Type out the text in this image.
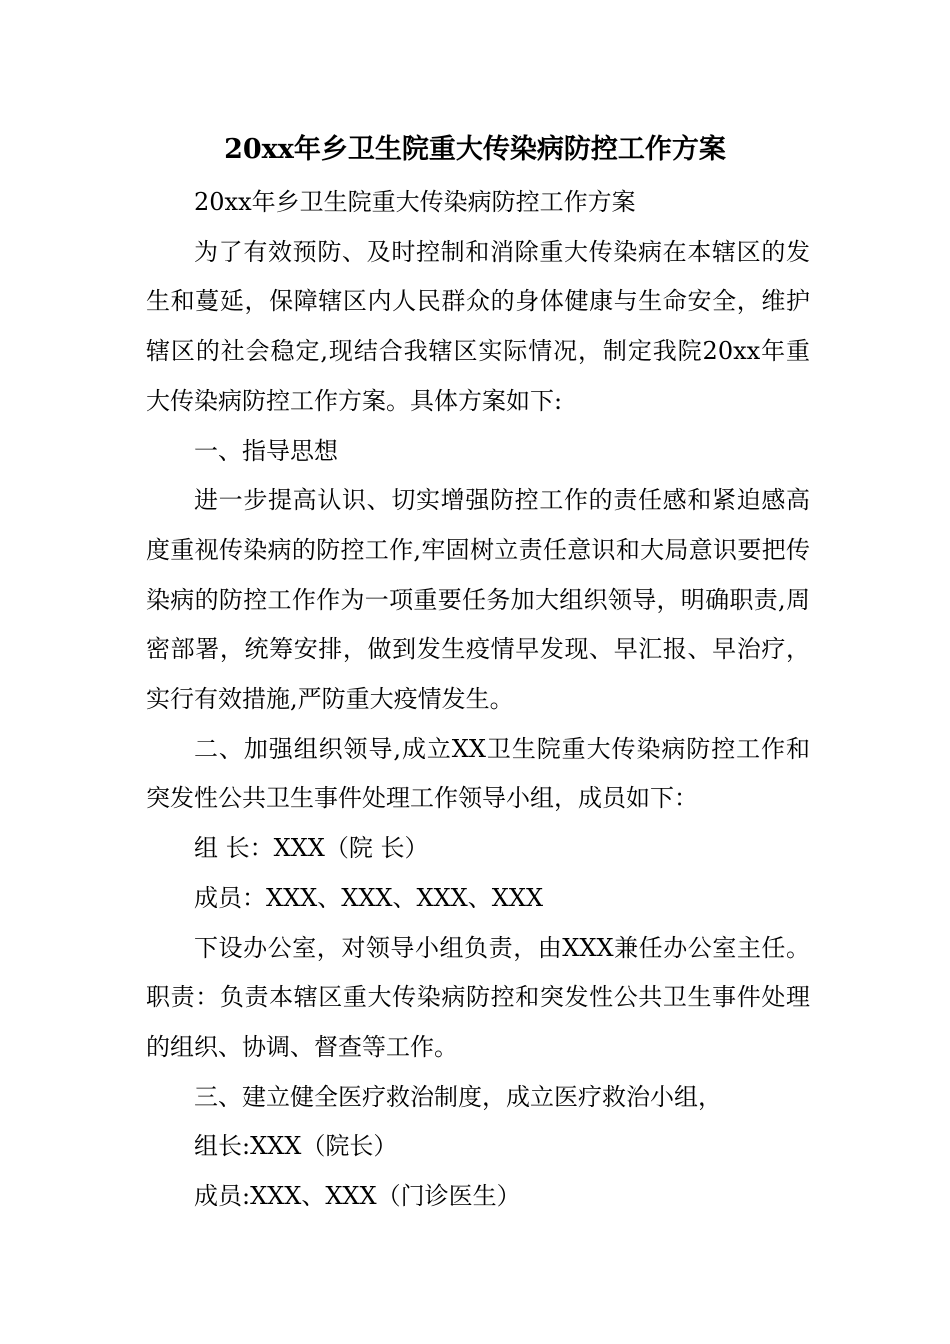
20xx年乡卫生院重大传染病防控工作方案

20xx年乡卫生院重大传染病防控工作方案

为了有效预防、及时控制和消除重大传染病在本辖区的发生和蔓延，保障辖区内人民群众的身体健康与生命安全，维护辖区的社会稳定,现结合我辖区实际情况，制定我院20xx年重大传染病防控工作方案。具体方案如下:

一、指导思想

进一步提高认识、切实增强防控工作的责任感和紧迫感高度重视传染病的防控工作,牢固树立责任意识和大局意识要把传染病的防控工作作为一项重要任务加大组织领导，明确职责,周密部署，统筹安排，做到发生疫情早发现、早汇报、早治疗，实行有效措施,严防重大疫情发生。

二、加强组织领导,成立XX卫生院重大传染病防控工作和突发性公共卫生事件处理工作领导小组，成员如下：

组 长：XXX（院 长）

成员：XXX、XXX、XXX、XXX

下设办公室，对领导小组负责，由XXX兼任办公室主任。职责：负责本辖区重大传染病防控和突发性公共卫生事件处理的组织、协调、督查等工作。

三、建立健全医疗救治制度，成立医疗救治小组，

组长:XXX（院长）

成员:XXX、XXX（门诊医生）
